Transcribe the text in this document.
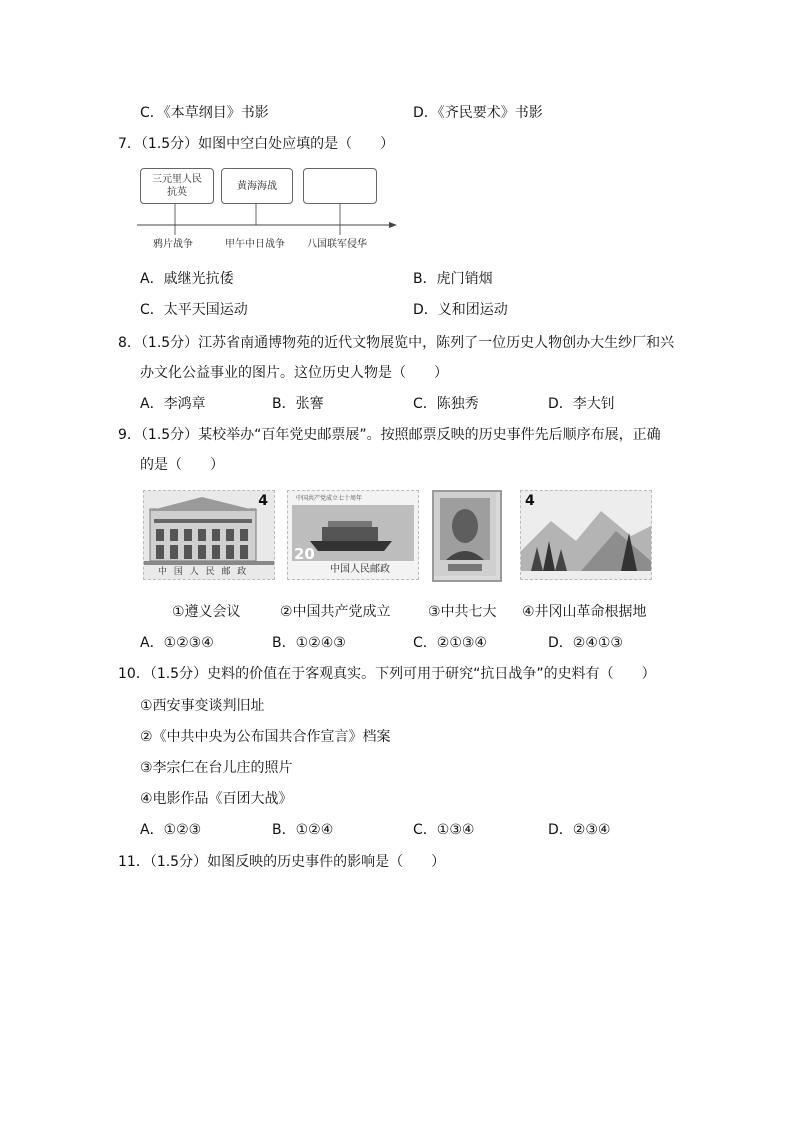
C．《本草纲目》书影	D．《齐民要术》书影
7．（1.5分）如图中空白处应填的是（　　）
三元里人民
抗英
黄海海战
鸦片战争	甲午中日战争 八国联军侵华
A．戚继光抗倭	B．虎门销烟
C．太平天国运动	D．义和团运动
8．（1.5分）江苏省南通博物苑的近代文物展览中，陈列了一位历史人物创办大生纱厂和兴
办文化公益事业的图片。这位历史人物是（　　）
A．李鸿章	B．张謇	C．陈独秀	D．李大钊
9．（1.5分）某校举办“百年党史邮票展”。按照邮票反映的历史事件先后顺序布展，正确
的是（　　）
4
中 国 人 民 邮 政
中国共产党成立七十周年
20
中国人民邮政
4
①遵义会议	②中国共产党成立	③中共七大 ④井冈山革命根据地
A．①②③④	B．①②④③	C．②①③④	D．②④①③
10．（1.5分）史料的价值在于客观真实。下列可用于研究“抗日战争”的史料有（　　）
①西安事变谈判旧址
②《中共中央为公布国共合作宣言》档案
③李宗仁在台儿庄的照片
④电影作品《百团大战》
A．①②③	B．①②④	C．①③④	D．②③④
11．（1.5分）如图反映的历史事件的影响是（　　）
